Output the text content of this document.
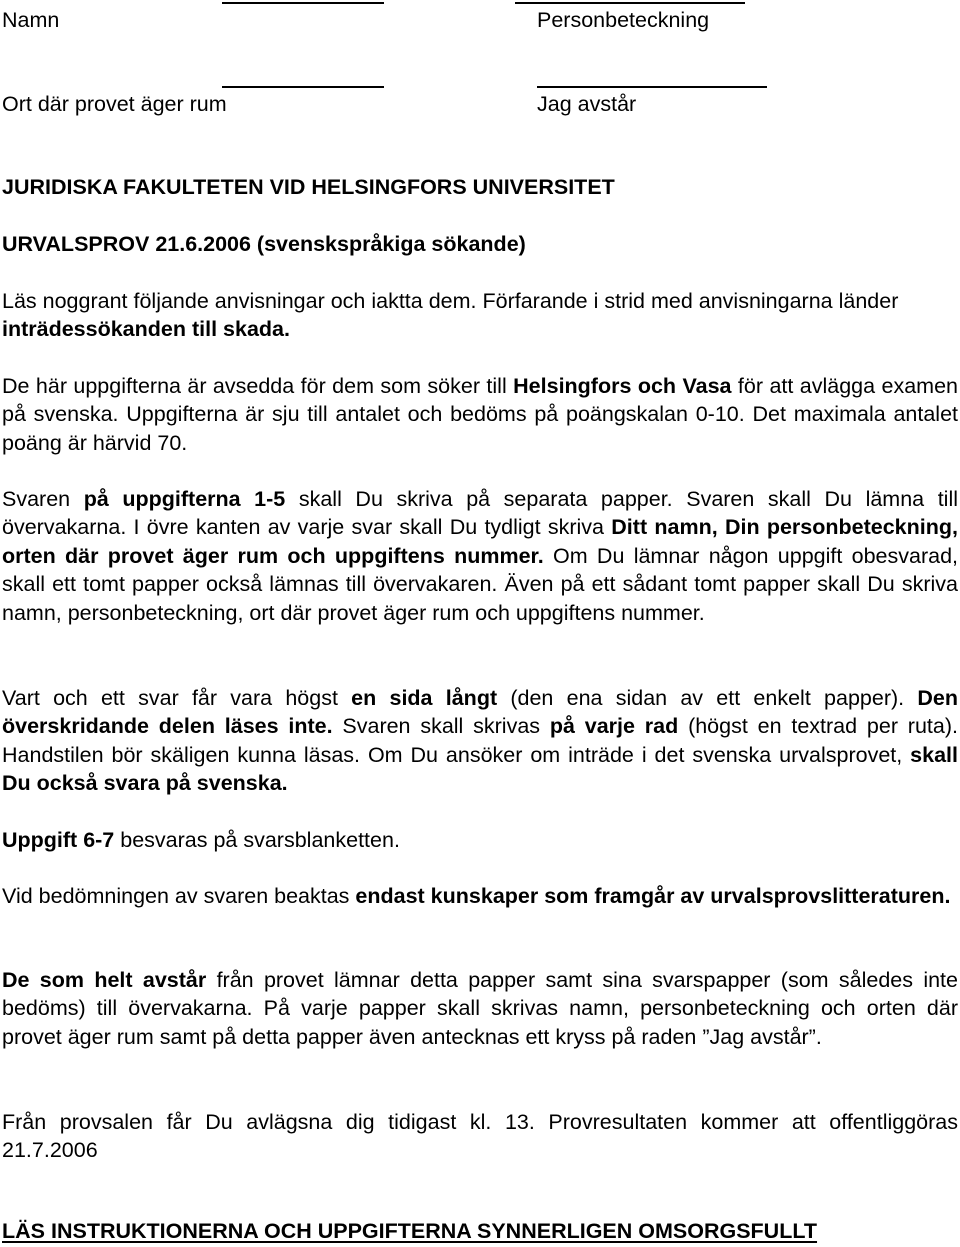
Namn	Personbeteckning
Ort där provet äger rum	Jag avstår
JURIDISKA FAKULTETEN VID HELSINGFORS UNIVERSITET
URVALSPROV 21.6.2006 (svenskspråkiga sökande)

Läs noggrant följande anvisningar och iaktta dem. Förfarande i strid med anvisningarna länder inträdessökanden till skada.

De här uppgifterna är avsedda för dem som söker till Helsingfors och Vasa för att avlägga examen på svenska. Uppgifterna är sju till antalet och bedöms på poängskalan 0-10. Det maximala antalet poäng är härvid 70.

Svaren på uppgifterna 1-5 skall Du skriva på separata papper. Svaren skall Du lämna till övervakarna. I övre kanten av varje svar skall Du tydligt skriva Ditt namn, Din personbeteckning, orten där provet äger rum och uppgiftens nummer. Om Du lämnar någon uppgift obesvarad, skall ett tomt papper också lämnas till övervakaren. Även på ett sådant tomt papper skall Du skriva namn, personbeteckning, ort där provet äger rum och uppgiftens nummer.

Vart och ett svar får vara högst en sida långt (den ena sidan av ett enkelt papper). Den överskridande delen läses inte. Svaren skall skrivas på varje rad (högst en textrad per ruta). Handstilen bör skäligen kunna läsas. Om Du ansöker om inträde i det svenska urvalsprovet, skall Du också svara på svenska.

Uppgift 6-7 besvaras på svarsblanketten.

Vid bedömningen av svaren beaktas endast kunskaper som framgår av urvalsprovslitteraturen.

De som helt avstår från provet lämnar detta papper samt sina svarspapper (som således inte bedöms) till övervakarna. På varje papper skall skrivas namn, personbeteckning och orten där provet äger rum samt på detta papper även antecknas ett kryss på raden ”Jag avstår”.

Från provsalen får Du avlägsna dig tidigast kl. 13. Provresultaten kommer att offentliggöras 21.7.2006

LÄS INSTRUKTIONERNA OCH UPPGIFTERNA SYNNERLIGEN OMSORGSFULLT
